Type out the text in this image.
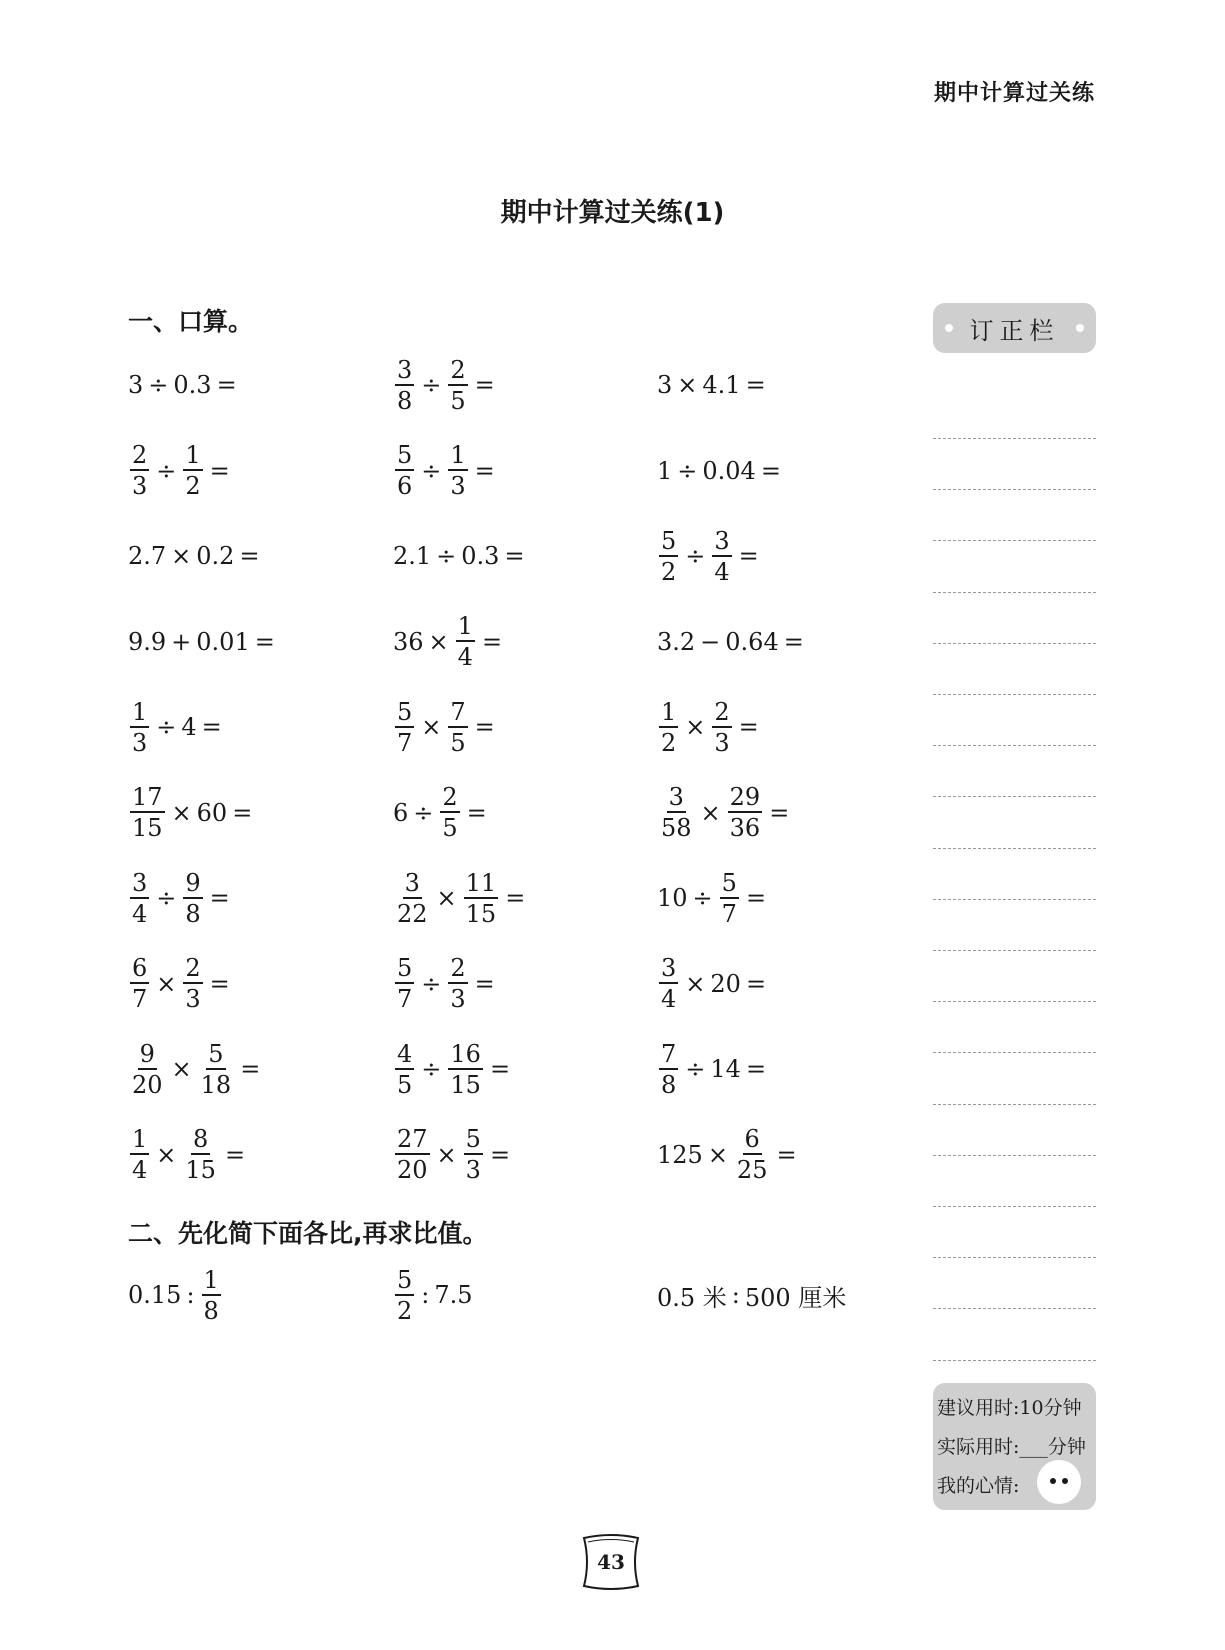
期中计算过关练
期中计算过关练(1)
一、口算。
3 ÷ 0.3 =	$\frac{3}{8} \div \frac{2}{5}$ =	3 × 4.1 =
$\frac{2}{3} \div \frac{1}{2}$ =	$\frac{5}{6} \div \frac{1}{3}$ =	1 ÷ 0.04 =
2.7 × 0.2 =	2.1 ÷ 0.3 =	$\frac{5}{2} \div \frac{3}{4}$ =
9.9 + 0.01 =	$36 \times \frac{1}{4}$ =	3.2 − 0.64 =
$\frac{1}{3} \div 4$ =	$\frac{5}{7} \times \frac{7}{5}$ =	$\frac{1}{2} \times \frac{2}{3}$ =
$\frac{17}{15} \times 60$ =	$6 \div \frac{2}{5}$ =	$\frac{3}{58} \times \frac{29}{36}$ =
$\frac{3}{4} \div \frac{9}{8}$ =	$\frac{3}{22} \times \frac{11}{15}$ =	$10 \div \frac{5}{7}$ =
$\frac{6}{7} \times \frac{2}{3}$ =	$\frac{5}{7} \div \frac{2}{3}$ =	$\frac{3}{4} \times 20$ =
$\frac{9}{20} \times \frac{5}{18}$ =	$\frac{4}{5} \div \frac{16}{15}$ =	$\frac{7}{8} \div 14$ =
$\frac{1}{4} \times \frac{8}{15}$ =	$\frac{27}{20} \times \frac{5}{3}$ =	$125 \times \frac{6}{25}$ =
二、先化简下面各比,再求比值。
0.15 : $\frac{1}{8}$	$\frac{5}{2}$ : 7.5	0.5 米 : 500 厘米
订正栏
建议用时:10分钟
实际用时:___分钟
我的心情:
43
